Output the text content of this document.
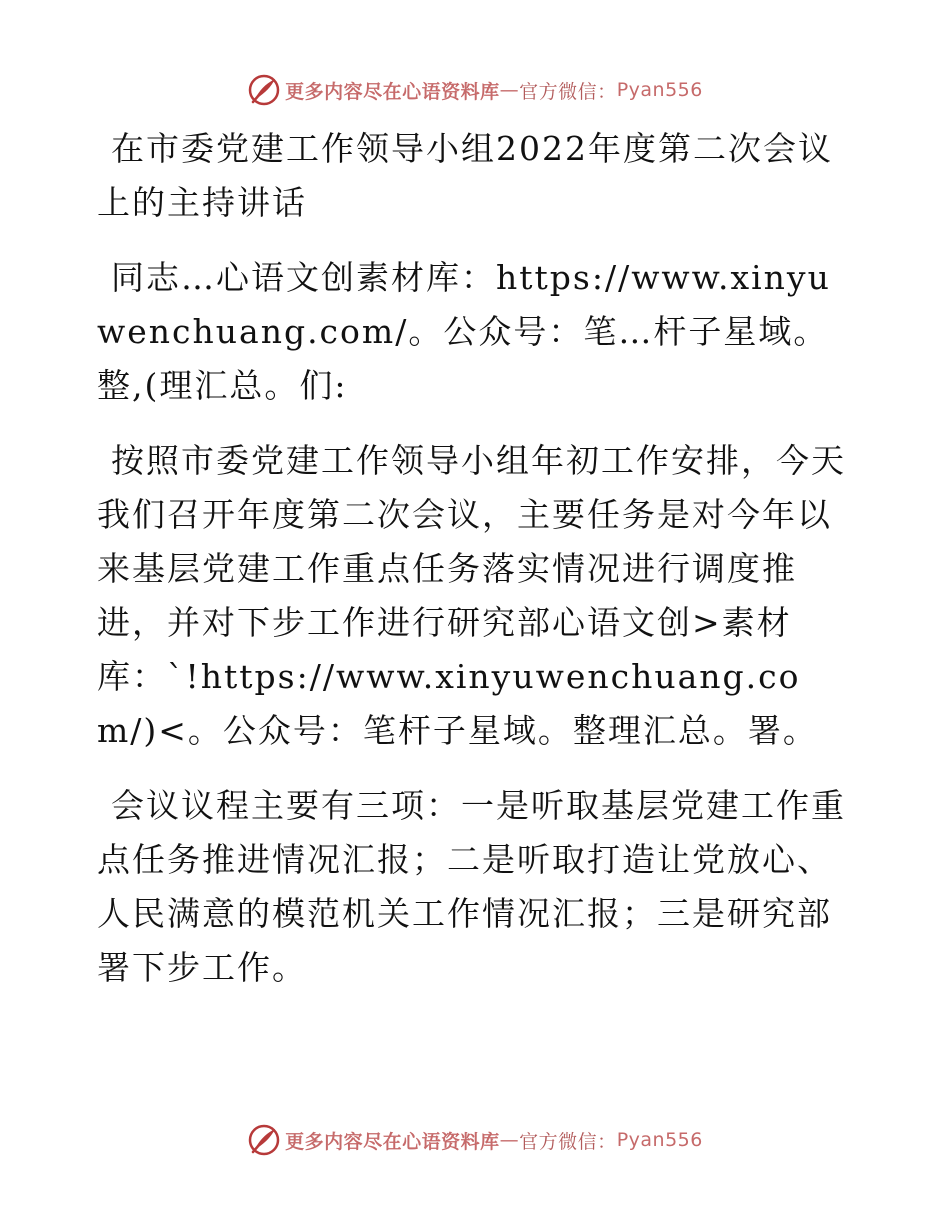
更多内容尽在心语资料库 — 官方微信： Pyan556

在市委党建工作领导小组2022年度第二次会议上的主持讲话

同志…心语文创素材库：https://www.xinyuwenchuang.com/。公众号：笔…杆子星域。整,(理汇总。们:

按照市委党建工作领导小组年初工作安排，今天我们召开年度第二次会议，主要任务是对今年以来基层党建工作重点任务落实情况进行调度推进，并对下步工作进行研究部心语文创>素材库：`!https://www.xinyuwenchuang.com/)<。公众号：笔杆子星域。整理汇总。署。

会议议程主要有三项：一是听取基层党建工作重点任务推进情况汇报；二是听取打造让党放心、人民满意的模范机关工作情况汇报；三是研究部署下步工作。

更多内容尽在心语资料库 — 官方微信： Pyan556
